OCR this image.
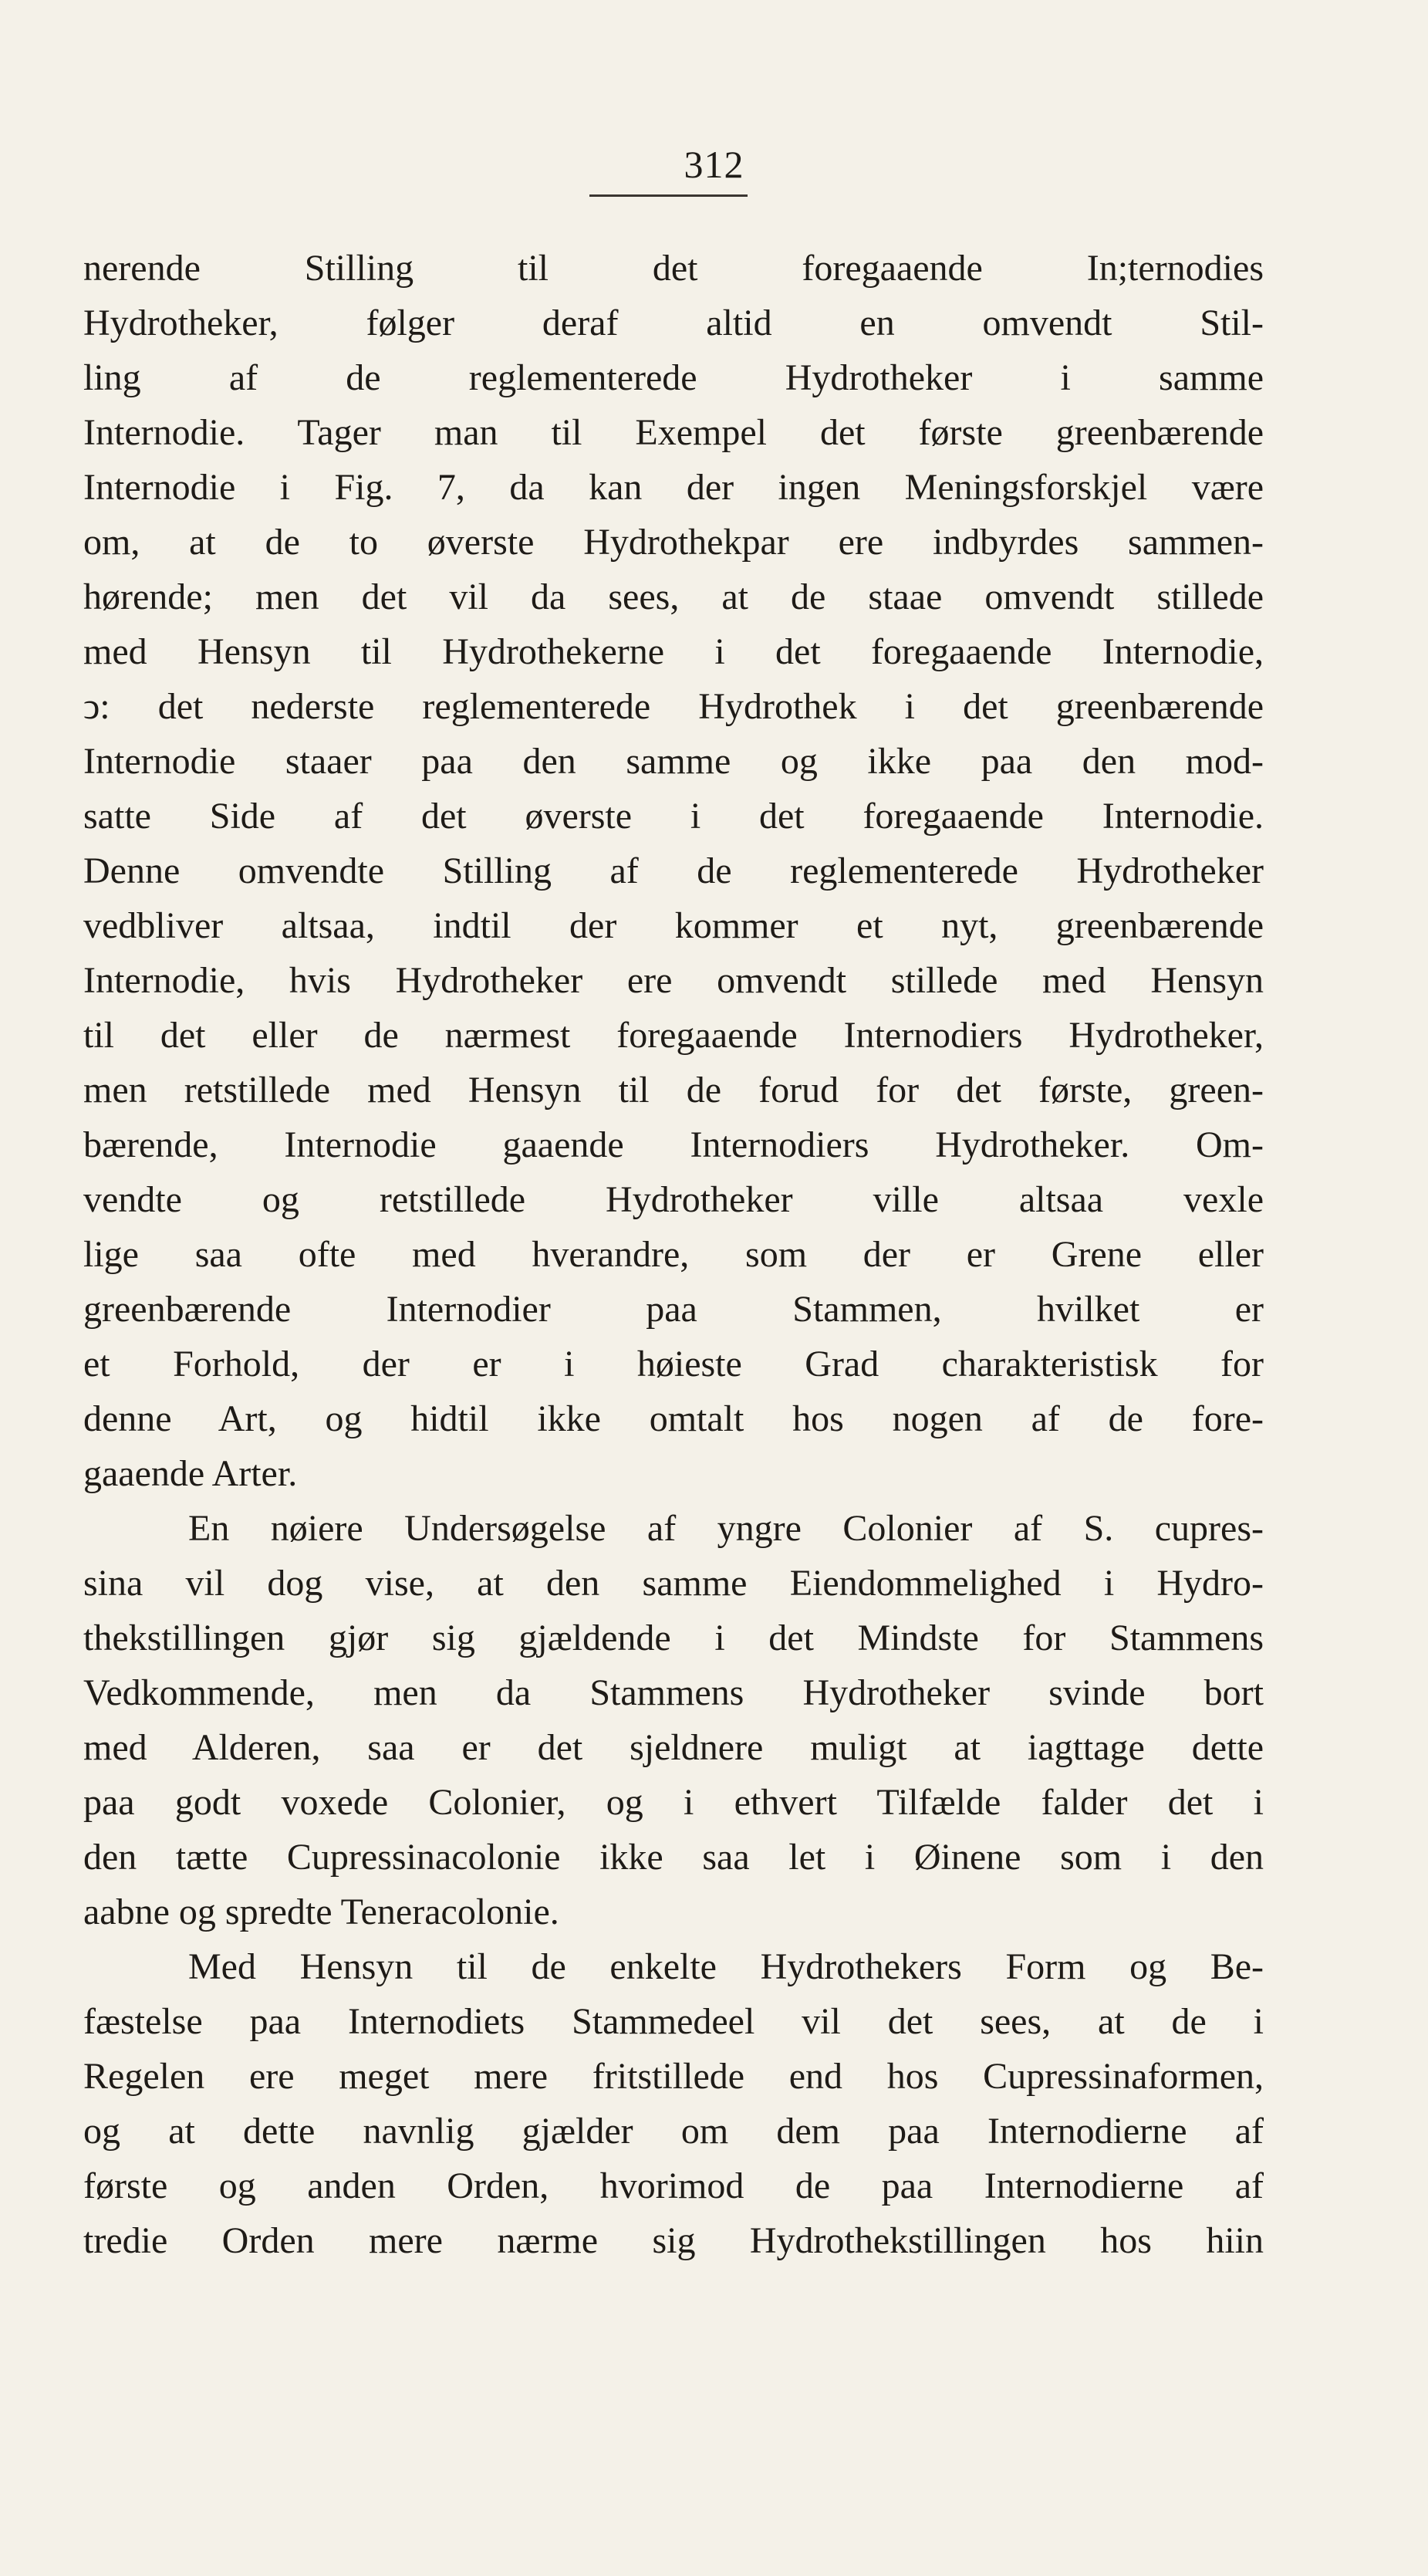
312
nerende Stilling til det foregaaende In;ternodies
Hydrotheker, følger deraf altid en omvendt Stil-
ling af de reglementerede Hydrotheker i samme
Internodie. Tager man til Exempel det første greenbærende
Internodie i Fig. 7, da kan der ingen Meningsforskjel være
om, at de to øverste Hydrothekpar ere indbyrdes sammen-
hørende; men det vil da sees, at de staae omvendt stillede
med Hensyn til Hydrothekerne i det foregaaende Internodie,
ↄ: det nederste reglementerede Hydrothek i det greenbærende
Internodie staaer paa den samme og ikke paa den mod-
satte Side af det øverste i det foregaaende Internodie.
Denne omvendte Stilling af de reglementerede Hydrotheker
vedbliver altsaa, indtil der kommer et nyt, greenbærende
Internodie, hvis Hydrotheker ere omvendt stillede med Hensyn
til det eller de nærmest foregaaende Internodiers Hydrotheker,
men retstillede med Hensyn til de forud for det første, green-
bærende, Internodie gaaende Internodiers Hydrotheker. Om-
vendte og retstillede Hydrotheker ville altsaa vexle
lige saa ofte med hverandre, som der er Grene eller
greenbærende Internodier paa Stammen, hvilket er
et Forhold, der er i høieste Grad charakteristisk for
denne Art, og hidtil ikke omtalt hos nogen af de fore-
gaaende Arter.
En nøiere Undersøgelse af yngre Colonier af S. cupres-
sina vil dog vise, at den samme Eiendommelighed i Hydro-
thekstillingen gjør sig gjældende i det Mindste for Stammens
Vedkommende, men da Stammens Hydrotheker svinde bort
med Alderen, saa er det sjeldnere muligt at iagttage dette
paa godt voxede Colonier, og i ethvert Tilfælde falder det i
den tætte Cupressinacolonie ikke saa let i Øinene som i den
aabne og spredte Teneracolonie.
Med Hensyn til de enkelte Hydrothekers Form og Be-
fæstelse paa Internodiets Stammedeel vil det sees, at de i
Regelen ere meget mere fritstillede end hos Cupressinaformen,
og at dette navnlig gjælder om dem paa Internodierne af
første og anden Orden, hvorimod de paa Internodierne af
tredie Orden mere nærme sig Hydrothekstillingen hos hiin
